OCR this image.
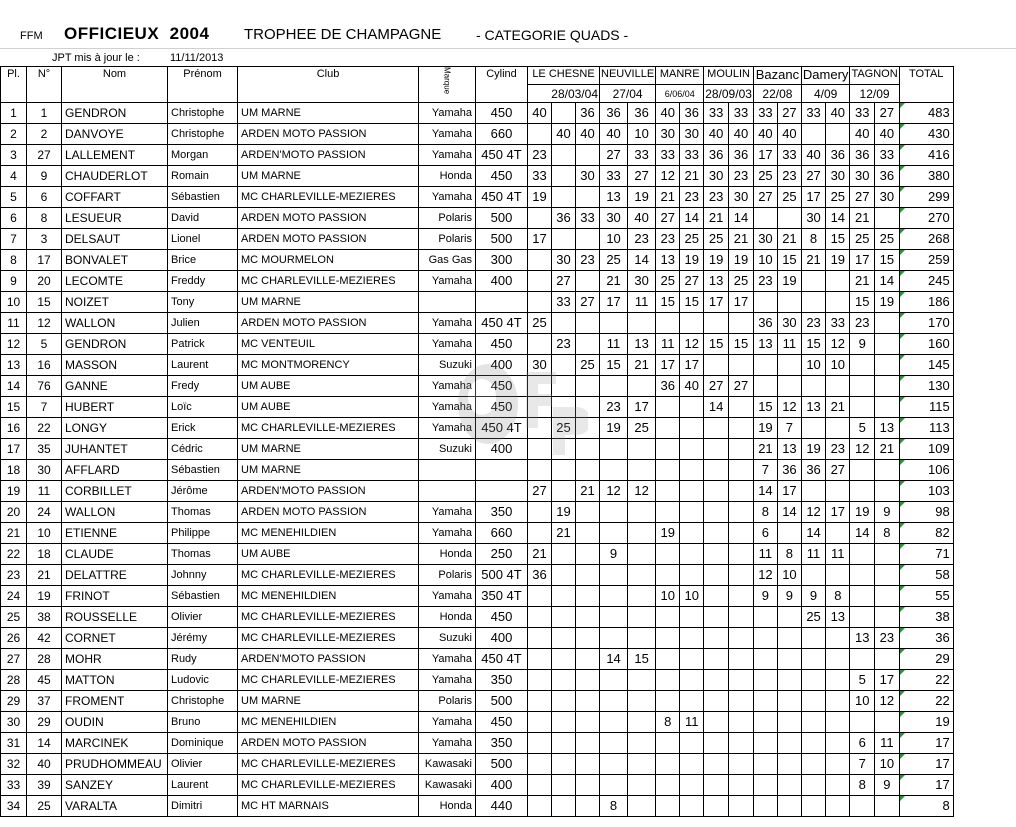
FFM OFFICIEUX 2004 TROPHEE DE CHAMPAGNE - CATEGORIE QUADS -
JPT mis à jour le :	11/11/2013
Pl.	N°	Nom	Prénom	Club	Marque	Cylind	LE CHESNE			NEUVILLE		MANRE		MOULIN		Bazanc		Damery		TAGNON		TOTAL
							28/03/04			27/04		6/06/04		28/09/03		22/08		4/09		12/09		
1	1	GENDRON	Christophe	UM MARNE	Yamaha	450	40		36	36	36	40	36	33	33	33	27	33	40	33	27	483
2	2	DANVOYE	Christophe	ARDEN MOTO PASSION	Yamaha	660		40	40	40	10	30	30	40	40	40	40			40	40	430
3	27	LALLEMENT	Morgan	ARDEN'MOTO PASSION	Yamaha	450 4T	23			27	33	33	33	36	36	17	33	40	36	36	33	416
4	9	CHAUDERLOT	Romain	UM MARNE	Honda	450	33		30	33	27	12	21	30	23	25	23	27	30	30	36	380
5	6	COFFART	Sébastien	MC CHARLEVILLE-MEZIERES	Yamaha	450 4T	19			13	19	21	23	23	30	27	25	17	25	27	30	299
6	8	LESUEUR	David	ARDEN MOTO PASSION	Polaris	500		36	33	30	40	27	14	21	14			30	14	21		270
7	3	DELSAUT	Lionel	ARDEN MOTO PASSION	Polaris	500	17			10	23	23	25	25	21	30	21	8	15	25	25	268
8	17	BONVALET	Brice	MC MOURMELON	Gas Gas	300		30	23	25	14	13	19	19	19	10	15	21	19	17	15	259
9	20	LECOMTE	Freddy	MC CHARLEVILLE-MEZIERES	Yamaha	400		27		21	30	25	27	13	25	23	19			21	14	245
10	15	NOIZET	Tony	UM MARNE				33	27	17	11	15	15	17	17					15	19	186
11	12	WALLON	Julien	ARDEN MOTO PASSION	Yamaha	450 4T	25									36	30	23	33	23		170
12	5	GENDRON	Patrick	MC VENTEUIL	Yamaha	450		23		11	13	11	12	15	15	13	11	15	12	9		160
13	16	MASSON	Laurent	MC MONTMORENCY	Suzuki	400	30		25	15	21	17	17					10	10			145
14	76	GANNE	Fredy	UM AUBE	Yamaha	450						36	40	27	27							130
15	7	HUBERT	Loïc	UM AUBE	Yamaha	450				23	17			14		15	12	13	21			115
16	22	LONGY	Erick	MC CHARLEVILLE-MEZIERES	Yamaha	450 4T		25		19	25					19	7			5	13	113
17	35	JUHANTET	Cédric	UM MARNE	Suzuki	400										21	13	19	23	12	21	109
18	30	AFFLARD	Sébastien	UM MARNE												7	36	36	27			106
19	11	CORBILLET	Jérôme	ARDEN'MOTO PASSION			27		21	12	12					14	17					103
20	24	WALLON	Thomas	ARDEN MOTO PASSION	Yamaha	350		19								8	14	12	17	19	9	98
21	10	ETIENNE	Philippe	MC MENEHILDIEN	Yamaha	660		21				19				6		14		14	8	82
22	18	CLAUDE	Thomas	UM AUBE	Honda	250	21			9						11	8	11	11			71
23	21	DELATTRE	Johnny	MC CHARLEVILLE-MEZIERES	Polaris	500 4T	36									12	10					58
24	19	FRINOT	Sébastien	MC MENEHILDIEN	Yamaha	350 4T						10	10			9	9	9	8			55
25	38	ROUSSELLE	Olivier	MC CHARLEVILLE-MEZIERES	Honda	450												25	13			38
26	42	CORNET	Jérémy	MC CHARLEVILLE-MEZIERES	Suzuki	400														13	23	36
27	28	MOHR	Rudy	ARDEN'MOTO PASSION	Yamaha	450 4T				14	15											29
28	45	MATTON	Ludovic	MC CHARLEVILLE-MEZIERES	Yamaha	350														5	17	22
29	37	FROMENT	Christophe	UM MARNE	Polaris	500														10	12	22
30	29	OUDIN	Bruno	MC MENEHILDIEN	Yamaha	450						8	11									19
31	14	MARCINEK	Dominique	ARDEN MOTO PASSION	Yamaha	350														6	11	17
32	40	PRUDHOMMEAU	Olivier	MC CHARLEVILLE-MEZIERES	Kawasaki	500														7	10	17
33	39	SANZEY	Laurent	MC CHARLEVILLE-MEZIERES	Kawasaki	400														8	9	17
34	25	VARALTA	Dimitri	MC HT MARNAIS	Honda	440				8												8
